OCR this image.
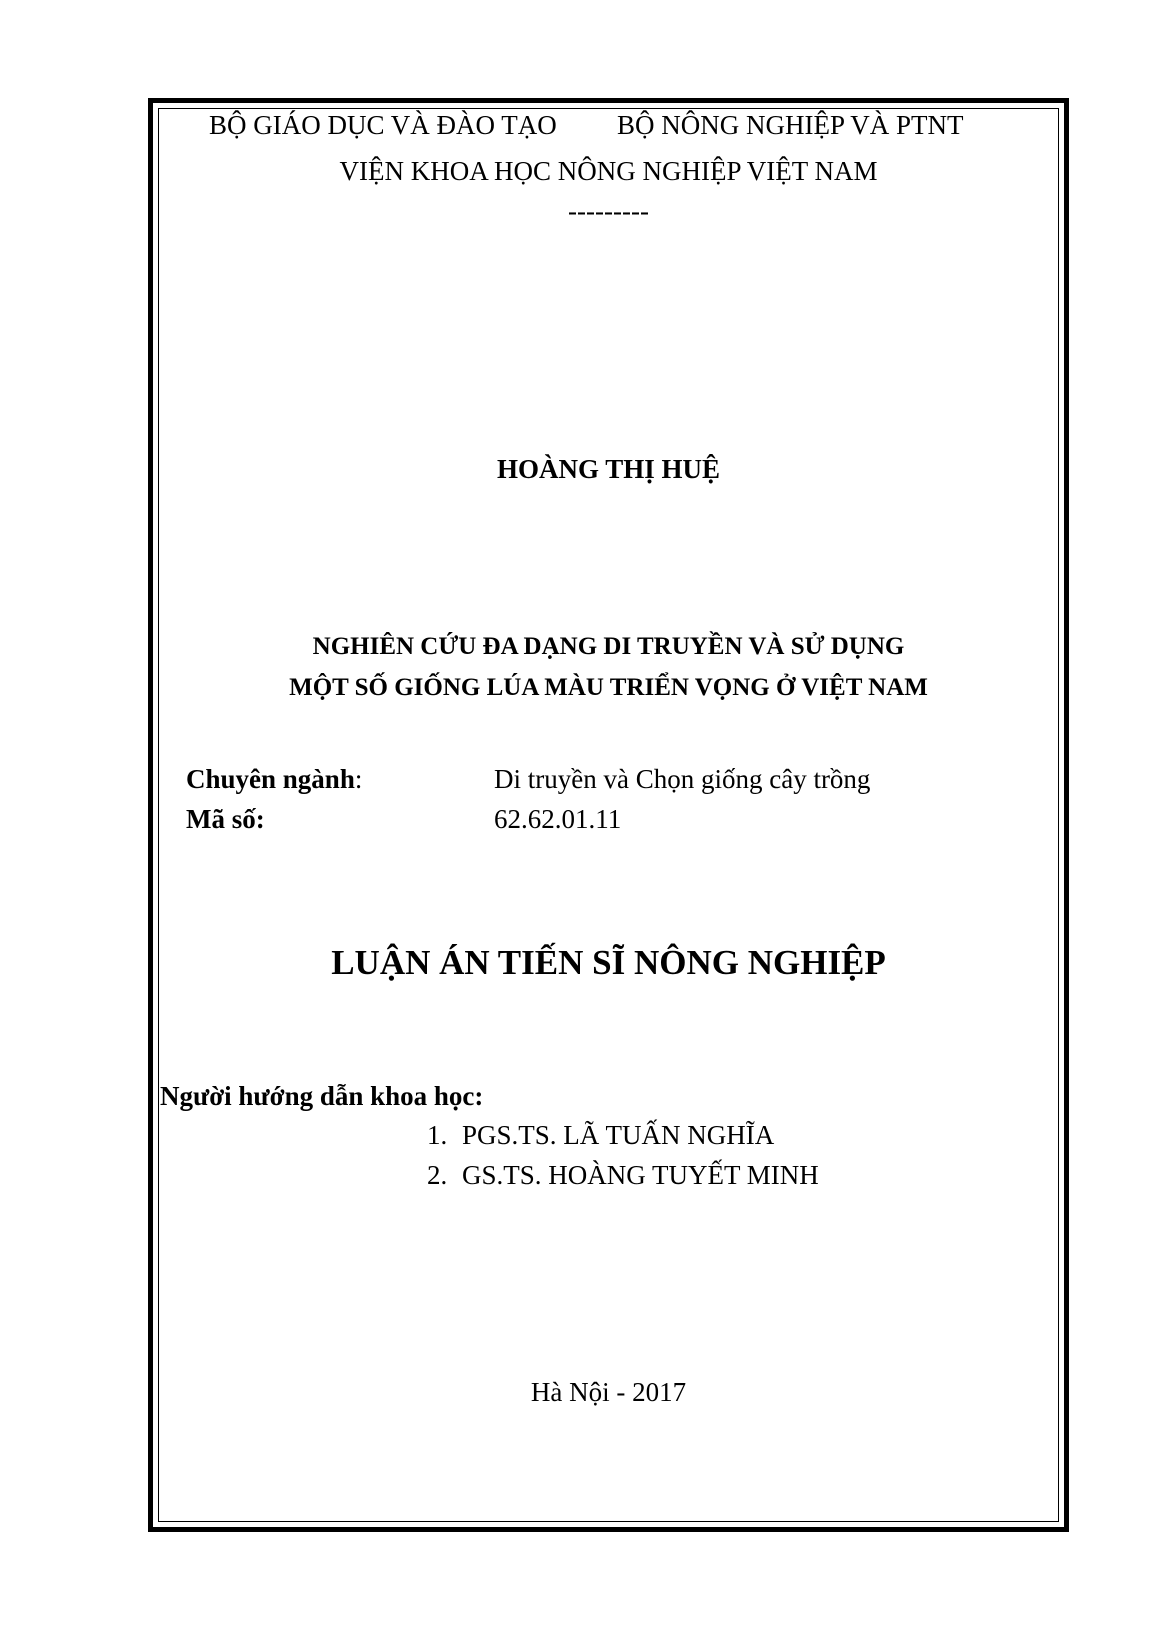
BỘ GIÁO DỤC VÀ ĐÀO TẠO BỘ NÔNG NGHIỆP VÀ PTNT
VIỆN KHOA HỌC NÔNG NGHIỆP VIỆT NAM
---------
HOÀNG THỊ HUỆ
NGHIÊN CỨU ĐA DẠNG DI TRUYỀN VÀ SỬ DỤNG
MỘT SỐ GIỐNG LÚA MÀU TRIỂN VỌNG Ở VIỆT NAM
Chuyên ngành:	Di truyền và Chọn giống cây trồng
Mã số:	62.62.01.11
LUẬN ÁN TIẾN SĨ NÔNG NGHIỆP
Người hướng dẫn khoa học:
1. PGS.TS. LÃ TUẤN NGHĨA
2. GS.TS. HOÀNG TUYẾT MINH
Hà Nội - 2017
